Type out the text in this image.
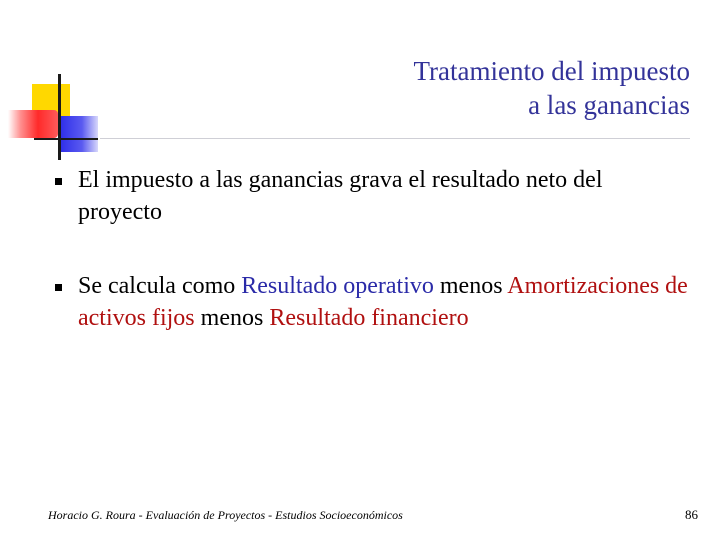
Tratamiento del impuesto
a las ganancias
El impuesto a las ganancias grava el resultado neto del proyecto
Se calcula como Resultado operativo menos Amortizaciones de activos fijos menos Resultado financiero
Horacio G. Roura - Evaluación de Proyectos - Estudios Socioeconómicos	86
